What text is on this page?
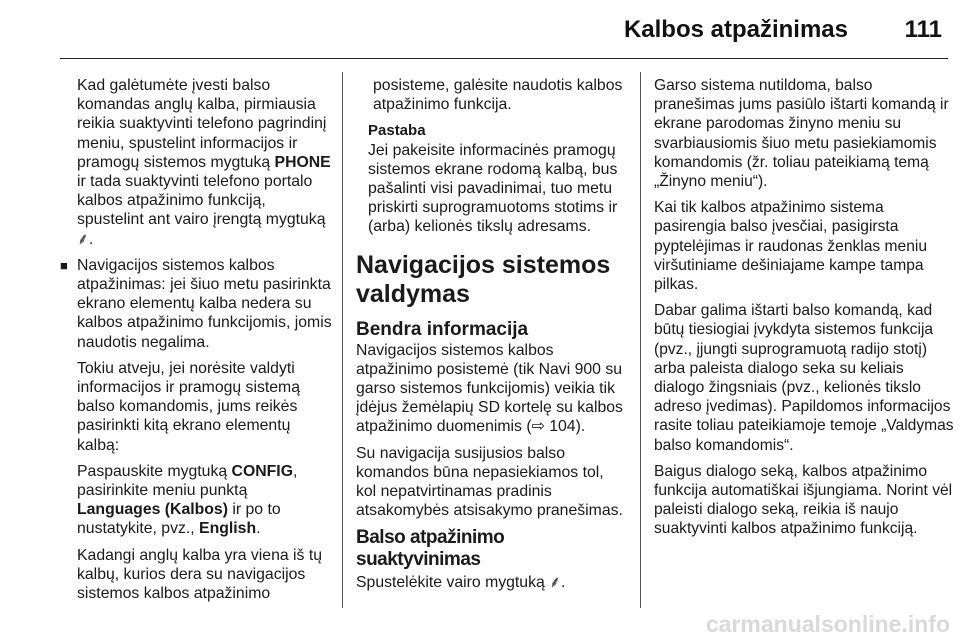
Kalbos atpažinimas 111

Kad galėtumėte įvesti balso komandas anglų kalba, pirmiausia reikia suaktyvinti telefono pagrindinį meniu, spustelint informacijos ir pramogų sistemos mygtuką PHONE ir tada suaktyvinti telefono portalo kalbos atpažinimo funkciją, spustelint ant vairo įrengtą mygtuką ⸙.

■ Navigacijos sistemos kalbos atpažinimas: jei šiuo metu pasirinkta ekrano elementų kalba nedera su kalbos atpažinimo funkcijomis, jomis naudotis negalima.

Tokiu atveju, jei norėsite valdyti informacijos ir pramogų sistemą balso komandomis, jums reikės pasirinkti kitą ekrano elementų kalbą:

Paspauskite mygtuką CONFIG, pasirinkite meniu punktą Languages (Kalbos) ir po to nustatykite, pvz., English.

Kadangi anglų kalba yra viena iš tų kalbų, kurios dera su navigacijos sistemos kalbos atpažinimo

posisteme, galėsite naudotis kalbos atpažinimo funkcija.

Pastaba

Jei pakeisite informacinės pramogų sistemos ekrane rodomą kalbą, bus pašalinti visi pavadinimai, tuo metu priskirti suprogramuotoms stotims ir (arba) kelionės tikslų adresams.

Navigacijos sistemos valdymas
Bendra informacija

Navigacijos sistemos kalbos atpažinimo posistemė (tik Navi 900 su garso sistemos funkcijomis) veikia tik įdėjus žemėlapių SD kortelę su kalbos atpažinimo duomenimis (⇨ 104).

Su navigacija susijusios balso komandos būna nepasiekiamos tol, kol nepatvirtinamas pradinis atsakomybės atsisakymo pranešimas.

Balso atpažinimo suaktyvinimas

Spustelėkite vairo mygtuką ⸙.

Garso sistema nutildoma, balso pranešimas jums pasiūlo ištarti komandą ir ekrane parodomas žinyno meniu su svarbiausiomis šiuo metu pasiekiamomis komandomis (žr. toliau pateikiamą temą „Žinyno meniu“).

Kai tik kalbos atpažinimo sistema pasirengia balso įvesčiai, pasigirsta pyptelėjimas ir raudonas ženklas meniu viršutiniame dešiniajame kampe tampa pilkas.

Dabar galima ištarti balso komandą, kad būtų tiesiogiai įvykdyta sistemos funkcija (pvz., įjungti suprogramuotą radijo stotį) arba paleista dialogo seka su keliais dialogo žingsniais (pvz., kelionės tikslo adreso įvedimas). Papildomos informacijos rasite toliau pateikiamoje temoje „Valdymas balso komandomis“.

Baigus dialogo seką, kalbos atpažinimo funkcija automatiškai išjungiama. Norint vėl paleisti dialogo seką, reikia iš naujo suaktyvinti kalbos atpažinimo funkciją.

carmanualsonline.info
